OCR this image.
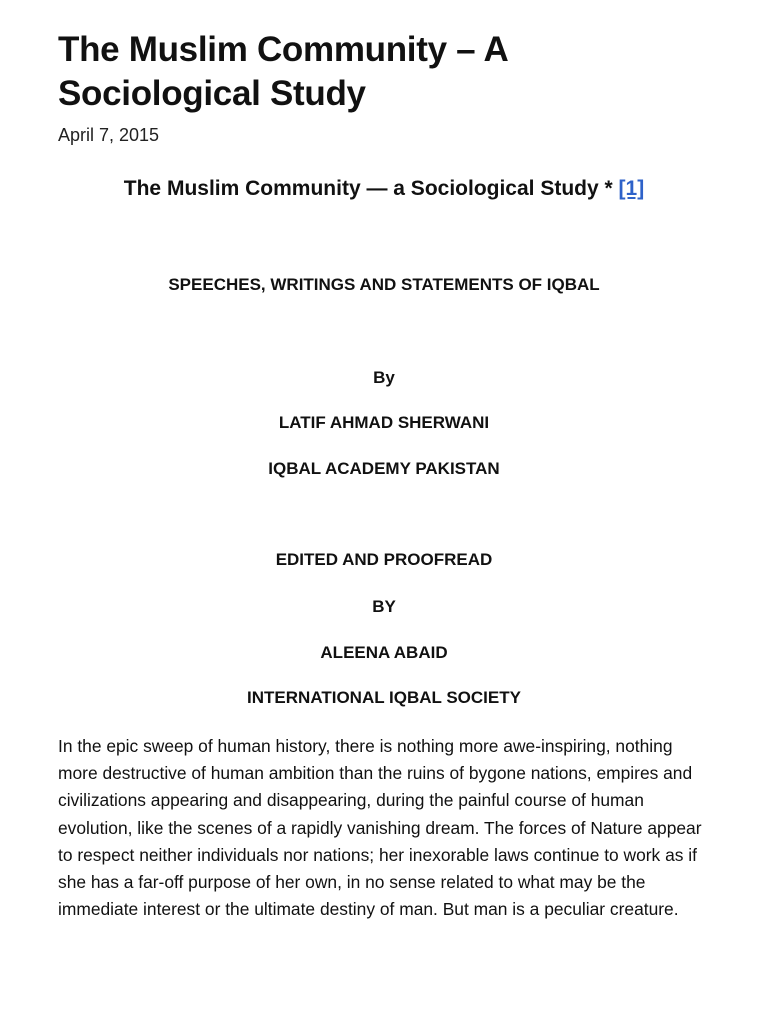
The Muslim Community – A Sociological Study

April 7, 2015

The Muslim Community — a Sociological Study * [1]

SPEECHES, WRITINGS AND STATEMENTS OF IQBAL

By

LATIF AHMAD SHERWANI

IQBAL ACADEMY PAKISTAN

EDITED AND PROOFREAD

BY

ALEENA ABAID

INTERNATIONAL IQBAL SOCIETY

In the epic sweep of human history, there is nothing more awe-inspiring, nothing more destructive of human ambition than the ruins of bygone nations, empires and civilizations appearing and disappearing, during the painful course of human evolution, like the scenes of a rapidly vanishing dream. The forces of Nature appear to respect neither individuals nor nations; her inexorable laws continue to work as if she has a far-off purpose of her own, in no sense related to what may be the immediate interest or the ultimate destiny of man. But man is a peculiar creature.
